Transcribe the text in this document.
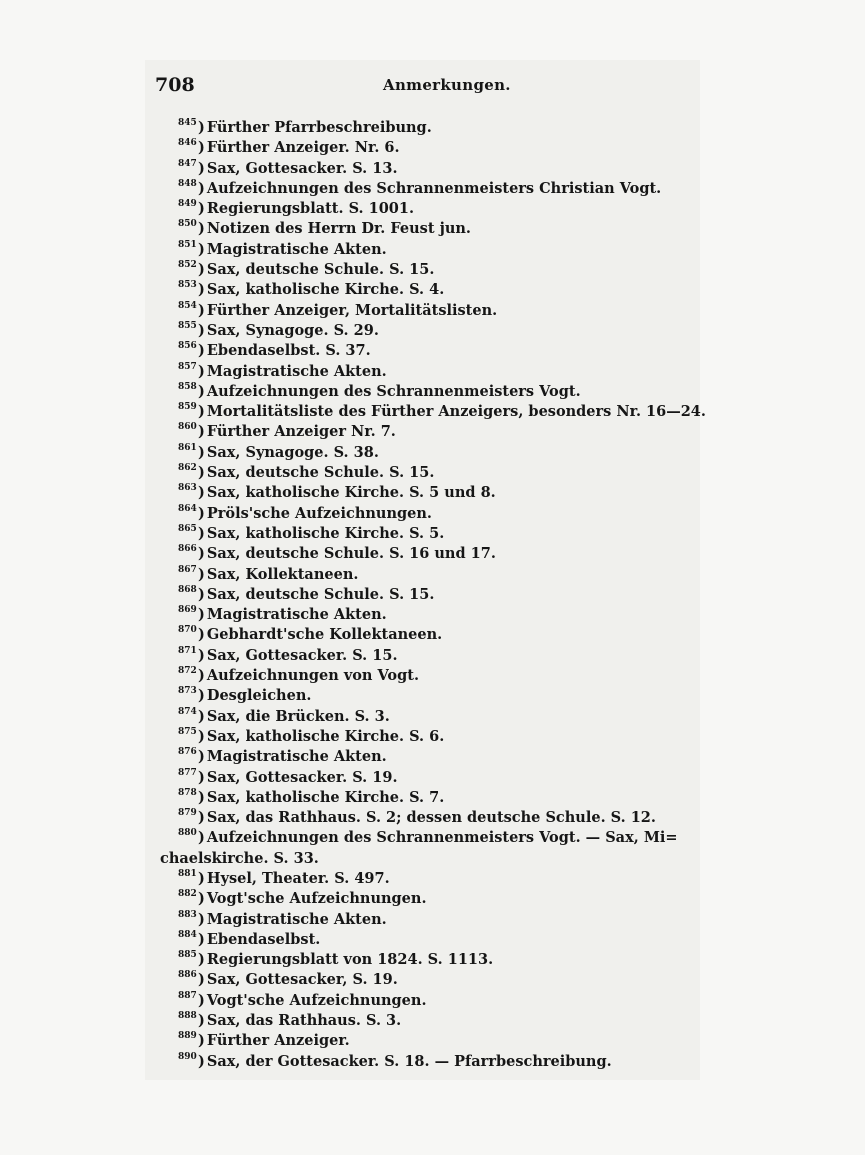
708	Anmerkungen.
845 ) Fürther Pfarrbeschreibung.
846 ) Fürther Anzeiger. Nr. 6.
847 ) Sax, Gottesacker. S. 13.
848 ) Aufzeichnungen des Schrannenmeisters Christian Vogt.
849 ) Regierungsblatt. S. 1001.
850 ) Notizen des Herrn Dr. Feust jun.
851 ) Magistratische Akten.
852 ) Sax, deutsche Schule. S. 15.
853 ) Sax, katholische Kirche. S. 4.
854 ) Fürther Anzeiger, Mortalitätslisten.
855 ) Sax, Synagoge. S. 29.
856 ) Ebendaselbst. S. 37.
857 ) Magistratische Akten.
858 ) Aufzeichnungen des Schrannenmeisters Vogt.
859 ) Mortalitätsliste des Fürther Anzeigers, besonders Nr. 16—24.
860 ) Fürther Anzeiger Nr. 7.
861 ) Sax, Synagoge. S. 38.
862 ) Sax, deutsche Schule. S. 15.
863 ) Sax, katholische Kirche. S. 5 und 8.
864 ) Pröls'sche Aufzeichnungen.
865 ) Sax, katholische Kirche. S. 5.
866 ) Sax, deutsche Schule. S. 16 und 17.
867 ) Sax, Kollektaneen.
868 ) Sax, deutsche Schule. S. 15.
869 ) Magistratische Akten.
870 ) Gebhardt'sche Kollektaneen.
871 ) Sax, Gottesacker. S. 15.
872 ) Aufzeichnungen von Vogt.
873 ) Desgleichen.
874 ) Sax, die Brücken. S. 3.
875 ) Sax, katholische Kirche. S. 6.
876 ) Magistratische Akten.
877 ) Sax, Gottesacker. S. 19.
878 ) Sax, katholische Kirche. S. 7.
879 ) Sax, das Rathhaus. S. 2; dessen deutsche Schule. S. 12.
880 ) Aufzeichnungen des Schrannenmeisters Vogt. — Sax, Mi=
chaelskirche. S. 33.
881 ) Hysel, Theater. S. 497.
882 ) Vogt'sche Aufzeichnungen.
883 ) Magistratische Akten.
884 ) Ebendaselbst.
885 ) Regierungsblatt von 1824. S. 1113.
886 ) Sax, Gottesacker, S. 19.
887 ) Vogt'sche Aufzeichnungen.
888 ) Sax, das Rathhaus. S. 3.
889 ) Fürther Anzeiger.
890 ) Sax, der Gottesacker. S. 18. — Pfarrbeschreibung.
